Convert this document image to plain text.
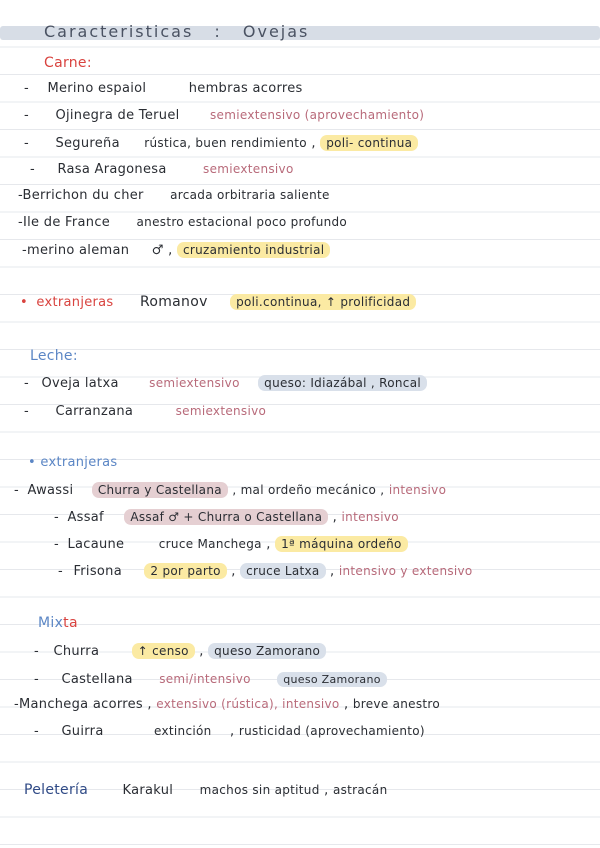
Caracteristicas : Ovejas
Carne:
- Merino espaiol	hembras acorres
- Ojinegra de Teruel	semiextensivo (aprovechamiento)
- Segureña rústica, buen rendimiento , poli- continua
- Rasa Aragonesa	semiextensivo
-Berrichon du cher arcada orbitraria saliente
-Ile de France anestro estacional poco profundo
-merino aleman ♂ , cruzamiento industrial
• extranjeras Romanov poli.continua, ↑ prolificidad
Leche:
- Oveja latxa	semiextensivo queso: Idiazábal , Roncal
- Carranzana	semiextensivo
• extranjeras
- Awassi Churra y Castellana , mal ordeño mecánico , intensivo
- Assaf Assaf ♂ + Churra o Castellana , intensivo
- Lacaune	cruce Manchega , 1ª máquina ordeño
- Frisona 2 por parto , cruce Latxa , intensivo y extensivo
Mixta
- Churra	↑ censo , queso Zamorano
- Castellana semi/intensivo	queso Zamorano
-Manchega acorres , extensivo (rústica), intensivo , breve anestro
- Guirra	extinción , rusticidad (aprovechamiento)
Peletería	Karakul machos sin aptitud , astracán
